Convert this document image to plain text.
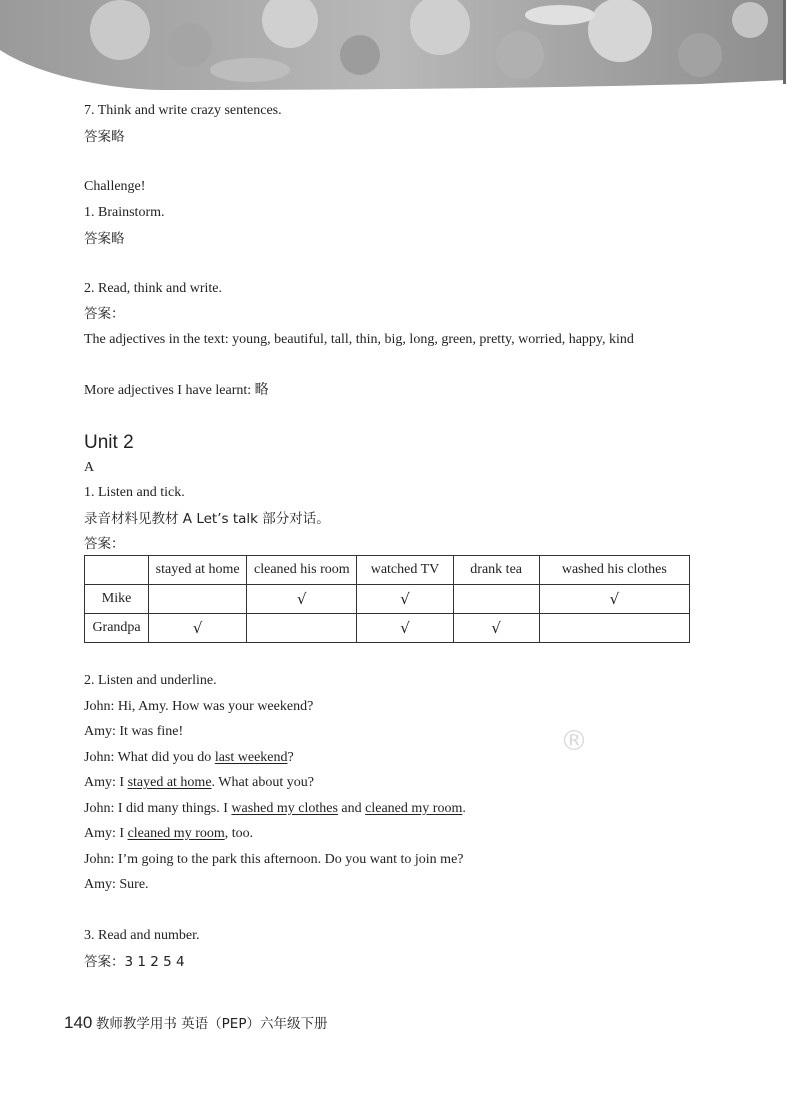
7. Think and write crazy sentences.
答案略
Challenge!
1. Brainstorm.
答案略
2. Read, think and write.
答案：
The adjectives in the text: young, beautiful, tall, thin, big, long, green, pretty, worried, happy, kind
More adjectives I have learnt: 略
Unit 2
A
1. Listen and tick.
录音材料见教材 A Let’s talk 部分对话。
答案：
	stayed at home	cleaned his room	watched TV	drank tea	washed his clothes
Mike		√	√		√
Grandpa	√		√	√	
2. Listen and underline.
John: Hi, Amy. How was your weekend?
Amy: It was fine!
John: What did you do last weekend?
Amy: I stayed at home. What about you?
John: I did many things. I washed my clothes and cleaned my room.
Amy: I cleaned my room, too.
John: I’m going to the park this afternoon. Do you want to join me?
Amy: Sure.
3. Read and number.
答案：3 1 2 5 4
®
140 教师教学用书 英语（PEP）六年级下册
